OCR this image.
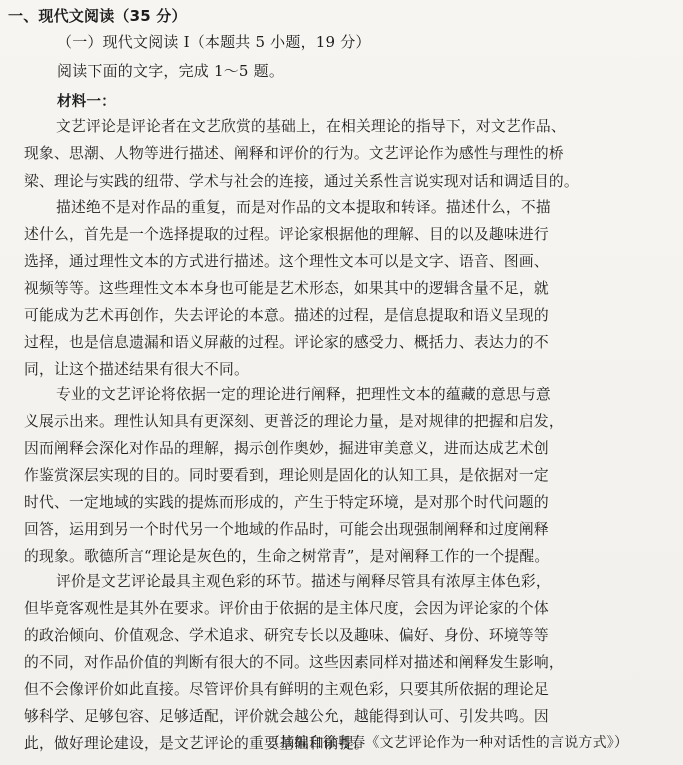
一、现代文阅读（35 分）
（一）现代文阅读 I（本题共 5 小题，19 分）
阅读下面的文字，完成 1～5 题。
材料一：
文艺评论是评论者在文艺欣赏的基础上，在相关理论的指导下，对文艺作品、
现象、思潮、人物等进行描述、阐释和评价的行为。文艺评论作为感性与理性的桥
梁、理论与实践的纽带、学术与社会的连接，通过关系性言说实现对话和调适目的。
描述绝不是对作品的重复，而是对作品的文本提取和转译。描述什么，不描
述什么，首先是一个选择提取的过程。评论家根据他的理解、目的以及趣味进行
选择，通过理性文本的方式进行描述。这个理性文本可以是文字、语音、图画、
视频等等。这些理性文本本身也可能是艺术形态，如果其中的逻辑含量不足，就
可能成为艺术再创作，失去评论的本意。描述的过程，是信息提取和语义呈现的
过程，也是信息遗漏和语义屏蔽的过程。评论家的感受力、概括力、表达力的不
同，让这个描述结果有很大不同。
专业的文艺评论将依据一定的理论进行阐释，把理性文本的蕴藏的意思与意
义展示出来。理性认知具有更深刻、更普泛的理论力量，是对规律的把握和启发，
因而阐释会深化对作品的理解，揭示创作奥妙，掘进审美意义，进而达成艺术创
作鉴赏深层实现的目的。同时要看到，理论则是固化的认知工具，是依据对一定
时代、一定地域的实践的提炼而形成的，产生于特定环境，是对那个时代问题的
回答，运用到另一个时代另一个地域的作品时，可能会出现强制阐释和过度阐释
的现象。歌德所言“理论是灰色的，生命之树常青”，是对阐释工作的一个提醒。
评价是文艺评论最具主观色彩的环节。描述与阐释尽管具有浓厚主体色彩，
但毕竟客观性是其外在要求。评价由于依据的是主体尺度，会因为评论家的个体
的政治倾向、价值观念、学术追求、研究专长以及趣味、偏好、身份、环境等等
的不同，对作品价值的判断有很大的不同。这些因素同样对描述和阐释发生影响，
但不会像评价如此直接。尽管评价具有鲜明的主观色彩，只要其所依据的理论足
够科学、足够包容、足够适配，评价就会越公允，越能得到认可、引发共鸣。因
此，做好理论建设，是文艺评论的重要基础和前提。
（摘编自徐粤春《文艺评论作为一种对话性的言说方式》）
